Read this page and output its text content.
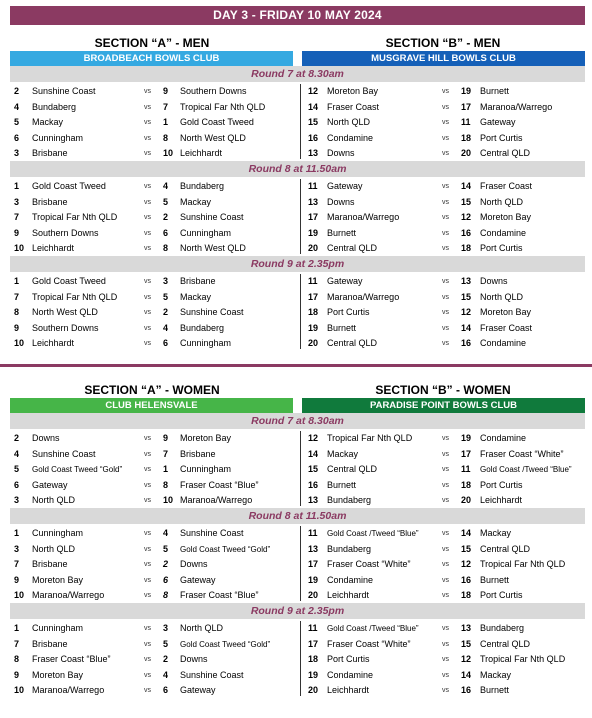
DAY 3 - FRIDAY 10 MAY 2024
SECTION “A” - MEN	SECTION “B” - MEN
BROADBEACH BOWLS CLUB	MUSGRAVE HILL BOWLS CLUB
Round 7 at 8.30am
2 Sunshine Coast	vs 9 Southern Downs
4 Bundaberg	vs 7 Tropical Far Nth QLD
5 Mackay	vs 1 Gold Coast Tweed
6 Cunningham	vs 8 North West QLD
3 Brisbane	vs 10 Leichhardt
12 Moreton Bay	vs 19 Burnett
14 Fraser Coast	vs 17 Maranoa/Warrego
15 North QLD	vs 11 Gateway
16 Condamine	vs 18 Port Curtis
13 Downs	vs 20 Central QLD
Round 8 at 11.50am
1 Gold Coast Tweed	vs 4 Bundaberg
3 Brisbane	vs 5 Mackay
7 Tropical Far Nth QLD	vs 2 Sunshine Coast
9 Southern Downs	vs 6 Cunningham
10 Leichhardt	vs 8 North West QLD
11 Gateway	vs 14 Fraser Coast
13 Downs	vs 15 North QLD
17 Maranoa/Warrego	vs 12 Moreton Bay
19 Burnett	vs 16 Condamine
20 Central QLD	vs 18 Port Curtis
Round 9 at 2.35pm
1 Gold Coast Tweed	vs 3 Brisbane
7 Tropical Far Nth QLD	vs 5 Mackay
8 North West QLD	vs 2 Sunshine Coast
9 Southern Downs	vs 4 Bundaberg
10 Leichhardt	vs 6 Cunningham
11 Gateway	vs 13 Downs
17 Maranoa/Warrego	vs 15 North QLD
18 Port Curtis	vs 12 Moreton Bay
19 Burnett	vs 14 Fraser Coast
20 Central QLD	vs 16 Condamine
SECTION “A” - WOMEN	SECTION “B” - WOMEN
CLUB HELENSVALE	PARADISE POINT BOWLS CLUB
Round 7 at 8.30am
2 Downs	vs 9 Moreton Bay
4 Sunshine Coast	vs 7 Brisbane
5 Gold Coast Tweed “Gold”	vs 1 Cunningham
6 Gateway	vs 8 Fraser Coast “Blue”
3 North QLD	vs 10 Maranoa/Warrego
12 Tropical Far Nth QLD	vs 19 Condamine
14 Mackay	vs 17 Fraser Coast “White”
15 Central QLD	vs 11 Gold Coast /Tweed “Blue”
16 Burnett	vs 18 Port Curtis
13 Bundaberg	vs 20 Leichhardt
Round 8 at 11.50am
1 Cunningham	vs 4 Sunshine Coast
3 North QLD	vs 5 Gold Coast Tweed “Gold”
7 Brisbane	vs 2 Downs
9 Moreton Bay	vs 6 Gateway
10 Maranoa/Warrego	vs 8 Fraser Coast “Blue”
11 Gold Coast /Tweed “Blue”	vs 14 Mackay
13 Bundaberg	vs 15 Central QLD
17 Fraser Coast “White”	vs 12 Tropical Far Nth QLD
19 Condamine	vs 16 Burnett
20 Leichhardt	vs 18 Port Curtis
Round 9 at 2.35pm
1 Cunningham	vs 3 North QLD
7 Brisbane	vs 5 Gold Coast Tweed “Gold”
8 Fraser Coast “Blue”	vs 2 Downs
9 Moreton Bay	vs 4 Sunshine Coast
10 Maranoa/Warrego	vs 6 Gateway
11 Gold Coast /Tweed “Blue”	vs 13 Bundaberg
17 Fraser Coast “White”	vs 15 Central QLD
18 Port Curtis	vs 12 Tropical Far Nth QLD
19 Condamine	vs 14 Mackay
20 Leichhardt	vs 16 Burnett
